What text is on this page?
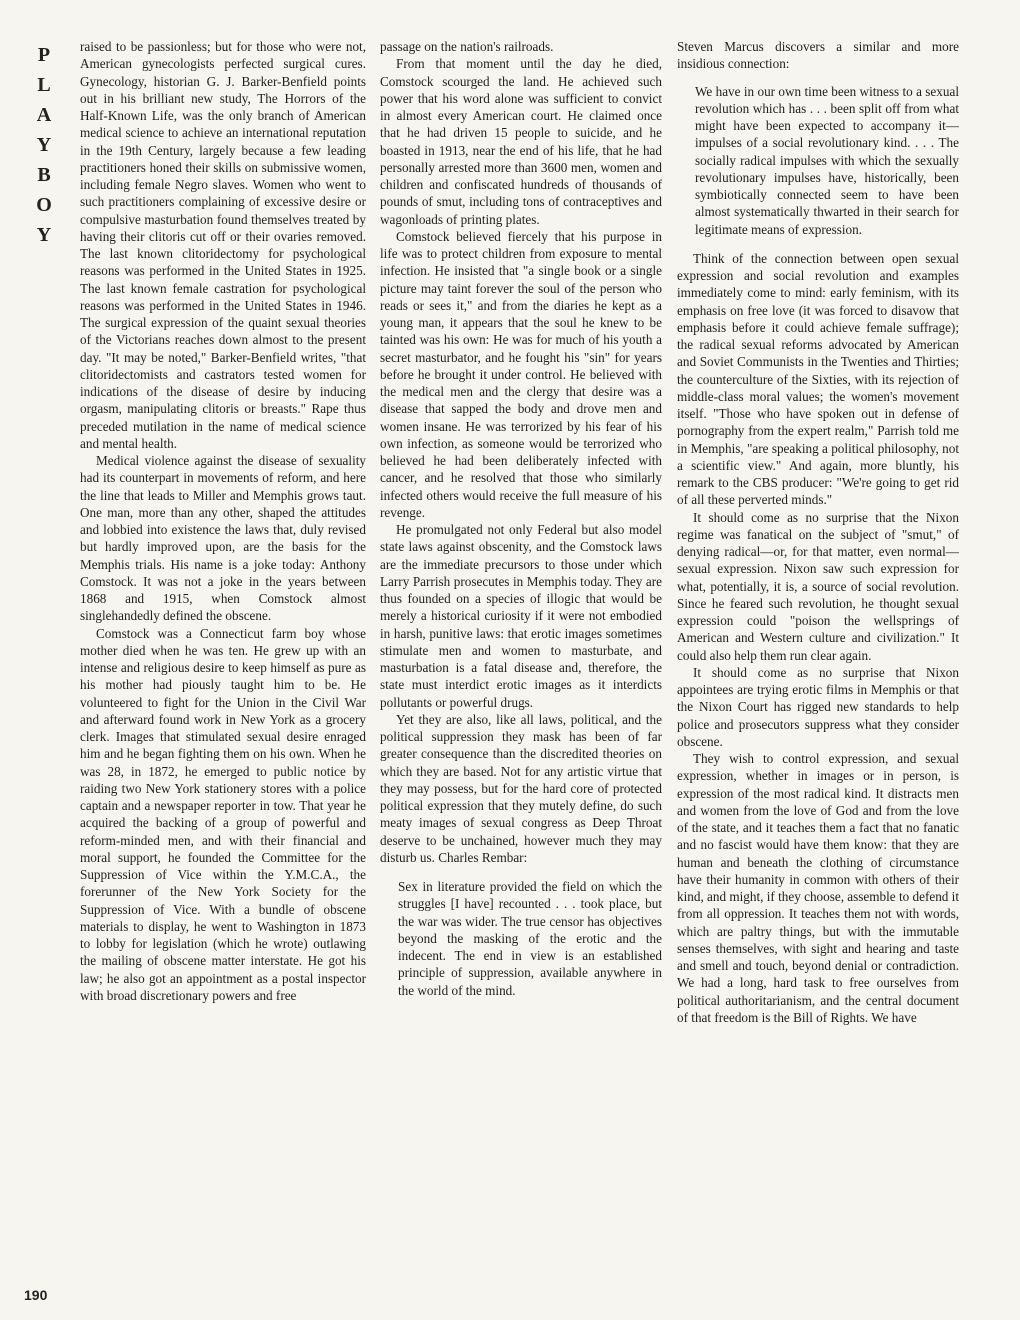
P
L
A
Y
B
O
Y
190

raised to be passionless; but for those who were not, American gynecologists perfected surgical cures. Gynecology, historian G. J. Barker-Benfield points out in his brilliant new study, The Horrors of the Half-Known Life, was the only branch of American medical science to achieve an international reputation in the 19th Century, largely because a few leading practitioners honed their skills on submissive women, including female Negro slaves. Women who went to such practitioners complaining of excessive desire or compulsive masturbation found themselves treated by having their clitoris cut off or their ovaries removed. The last known clitoridectomy for psychological reasons was performed in the United States in 1925. The last known female castration for psychological reasons was performed in the United States in 1946. The surgical expression of the quaint sexual theories of the Victorians reaches down almost to the present day. "It may be noted," Barker-Benfield writes, "that clitoridectomists and castrators tested women for indications of the disease of desire by inducing orgasm, manipulating clitoris or breasts." Rape thus preceded mutilation in the name of medical science and mental health.

Medical violence against the disease of sexuality had its counterpart in movements of reform, and here the line that leads to Miller and Memphis grows taut. One man, more than any other, shaped the attitudes and lobbied into existence the laws that, duly revised but hardly improved upon, are the basis for the Memphis trials. His name is a joke today: Anthony Comstock. It was not a joke in the years between 1868 and 1915, when Comstock almost singlehandedly defined the obscene.

Comstock was a Connecticut farm boy whose mother died when he was ten. He grew up with an intense and religious desire to keep himself as pure as his mother had piously taught him to be. He volunteered to fight for the Union in the Civil War and afterward found work in New York as a grocery clerk. Images that stimulated sexual desire enraged him and he began fighting them on his own. When he was 28, in 1872, he emerged to public notice by raiding two New York stationery stores with a police captain and a newspaper reporter in tow. That year he acquired the backing of a group of powerful and reform-minded men, and with their financial and moral support, he founded the Committee for the Suppression of Vice within the Y.M.C.A., the forerunner of the New York Society for the Suppression of Vice. With a bundle of obscene materials to display, he went to Washington in 1873 to lobby for legislation (which he wrote) outlawing the mailing of obscene matter interstate. He got his law; he also got an appointment as a postal inspector with broad discretionary powers and free

passage on the nation's railroads.

From that moment until the day he died, Comstock scourged the land. He achieved such power that his word alone was sufficient to convict in almost every American court. He claimed once that he had driven 15 people to suicide, and he boasted in 1913, near the end of his life, that he had personally arrested more than 3600 men, women and children and confiscated hundreds of thousands of pounds of smut, including tons of contraceptives and wagonloads of printing plates.

Comstock believed fiercely that his purpose in life was to protect children from exposure to mental infection. He insisted that "a single book or a single picture may taint forever the soul of the person who reads or sees it," and from the diaries he kept as a young man, it appears that the soul he knew to be tainted was his own: He was for much of his youth a secret masturbator, and he fought his "sin" for years before he brought it under control. He believed with the medical men and the clergy that desire was a disease that sapped the body and drove men and women insane. He was terrorized by his fear of his own infection, as someone would be terrorized who believed he had been deliberately infected with cancer, and he resolved that those who similarly infected others would receive the full measure of his revenge.

He promulgated not only Federal but also model state laws against obscenity, and the Comstock laws are the immediate precursors to those under which Larry Parrish prosecutes in Memphis today. They are thus founded on a species of illogic that would be merely a historical curiosity if it were not embodied in harsh, punitive laws: that erotic images sometimes stimulate men and women to masturbate, and masturbation is a fatal disease and, therefore, the state must interdict erotic images as it interdicts pollutants or powerful drugs.

Yet they are also, like all laws, political, and the political suppression they mask has been of far greater consequence than the discredited theories on which they are based. Not for any artistic virtue that they may possess, but for the hard core of protected political expression that they mutely define, do such meaty images of sexual congress as Deep Throat deserve to be unchained, however much they may disturb us. Charles Rembar:

Sex in literature provided the field on which the struggles [I have] recounted . . . took place, but the war was wider. The true censor has objectives beyond the masking of the erotic and the indecent. The end in view is an established principle of suppression, available anywhere in the world of the mind.

Steven Marcus discovers a similar and more insidious connection:

We have in our own time been witness to a sexual revolution which has . . . been split off from what might have been expected to accompany it—impulses of a social revolutionary kind. . . . The socially radical impulses with which the sexually revolutionary impulses have, historically, been symbiotically connected seem to have been almost systematically thwarted in their search for legitimate means of expression.

Think of the connection between open sexual expression and social revolution and examples immediately come to mind: early feminism, with its emphasis on free love (it was forced to disavow that emphasis before it could achieve female suffrage); the radical sexual reforms advocated by American and Soviet Communists in the Twenties and Thirties; the counterculture of the Sixties, with its rejection of middle-class moral values; the women's movement itself. "Those who have spoken out in defense of pornography from the expert realm," Parrish told me in Memphis, "are speaking a political philosophy, not a scientific view." And again, more bluntly, his remark to the CBS producer: "We're going to get rid of all these perverted minds."

It should come as no surprise that the Nixon regime was fanatical on the subject of "smut," of denying radical—or, for that matter, even normal—sexual expression. Nixon saw such expression for what, potentially, it is, a source of social revolution. Since he feared such revolution, he thought sexual expression could "poison the wellsprings of American and Western culture and civilization." It could also help them run clear again.

It should come as no surprise that Nixon appointees are trying erotic films in Memphis or that the Nixon Court has rigged new standards to help police and prosecutors suppress what they consider obscene.

They wish to control expression, and sexual expression, whether in images or in person, is expression of the most radical kind. It distracts men and women from the love of God and from the love of the state, and it teaches them a fact that no fanatic and no fascist would have them know: that they are human and beneath the clothing of circumstance have their humanity in common with others of their kind, and might, if they choose, assemble to defend it from all oppression. It teaches them not with words, which are paltry things, but with the immutable senses themselves, with sight and hearing and taste and smell and touch, beyond denial or contradiction. We had a long, hard task to free ourselves from political authoritarianism, and the central document of that freedom is the Bill of Rights. We have
